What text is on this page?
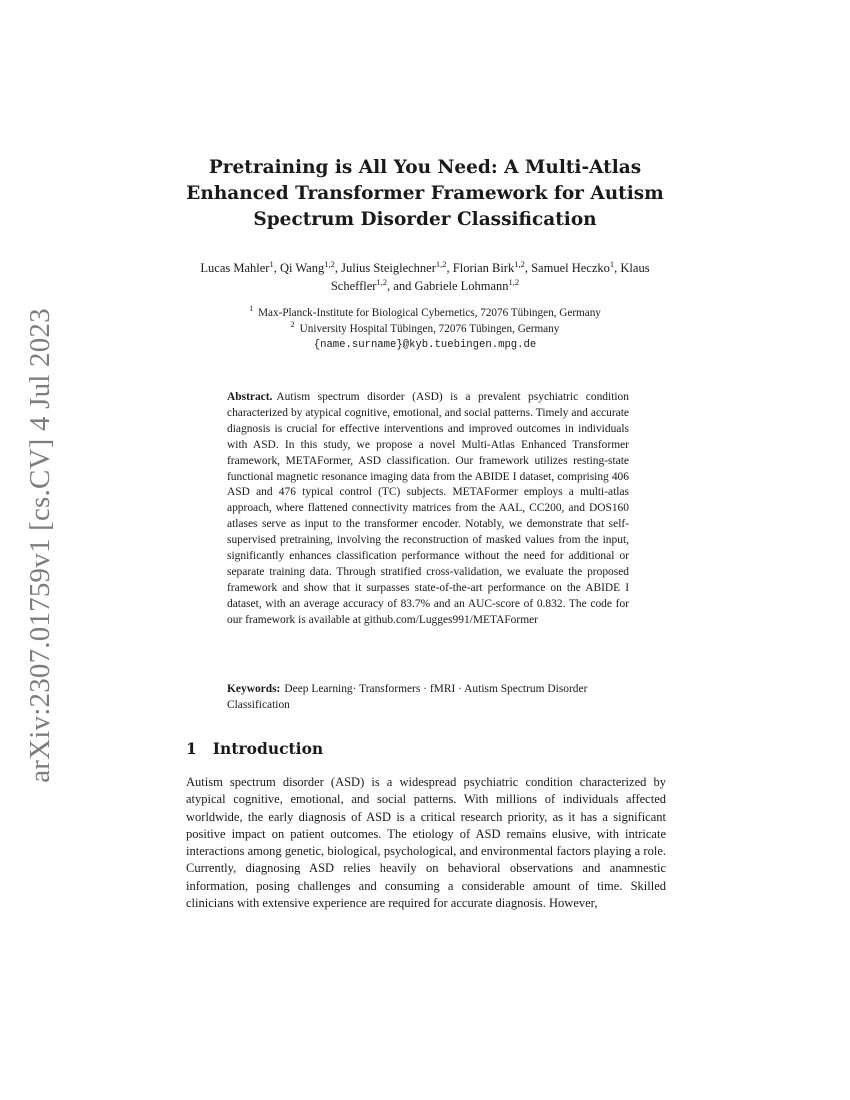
arXiv:2307.01759v1 [cs.CV] 4 Jul 2023
Pretraining is All You Need: A Multi-Atlas Enhanced Transformer Framework for Autism Spectrum Disorder Classification
Lucas Mahler$^1$, Qi Wang$^{1,2}$, Julius Steiglechner$^{1,2}$, Florian Birk$^{1,2}$, Samuel Heczko$^1$, Klaus Scheffler$^{1,2}$, and Gabriele Lohmann$^{1,2}$
$^1$ Max-Planck-Institute for Biological Cybernetics, 72076 Tübingen, Germany
$^2$ University Hospital Tübingen, 72076 Tübingen, Germany
{name.surname}@kyb.tuebingen.mpg.de

Abstract. Autism spectrum disorder (ASD) is a prevalent psychiatric condition characterized by atypical cognitive, emotional, and social patterns. Timely and accurate diagnosis is crucial for effective interventions and improved outcomes in individuals with ASD. In this study, we propose a novel Multi-Atlas Enhanced Transformer framework, METAFormer, ASD classification. Our framework utilizes resting-state functional magnetic resonance imaging data from the ABIDE I dataset, comprising 406 ASD and 476 typical control (TC) subjects. METAFormer employs a multi-atlas approach, where flattened connectivity matrices from the AAL, CC200, and DOS160 atlases serve as input to the transformer encoder. Notably, we demonstrate that self-supervised pretraining, involving the reconstruction of masked values from the input, significantly enhances classification performance without the need for additional or separate training data. Through stratified cross-validation, we evaluate the proposed framework and show that it surpasses state-of-the-art performance on the ABIDE I dataset, with an average accuracy of 83.7% and an AUC-score of 0.832. The code for our framework is available at github.com/Lugges991/METAFormer

Keywords: Deep Learning· Transformers · fMRI · Autism Spectrum Disorder Classification

1 Introduction

Autism spectrum disorder (ASD) is a widespread psychiatric condition characterized by atypical cognitive, emotional, and social patterns. With millions of individuals affected worldwide, the early diagnosis of ASD is a critical research priority, as it has a significant positive impact on patient outcomes. The etiology of ASD remains elusive, with intricate interactions among genetic, biological, psychological, and environmental factors playing a role. Currently, diagnosing ASD relies heavily on behavioral observations and anamnestic information, posing challenges and consuming a considerable amount of time. Skilled clinicians with extensive experience are required for accurate diagnosis. However,
